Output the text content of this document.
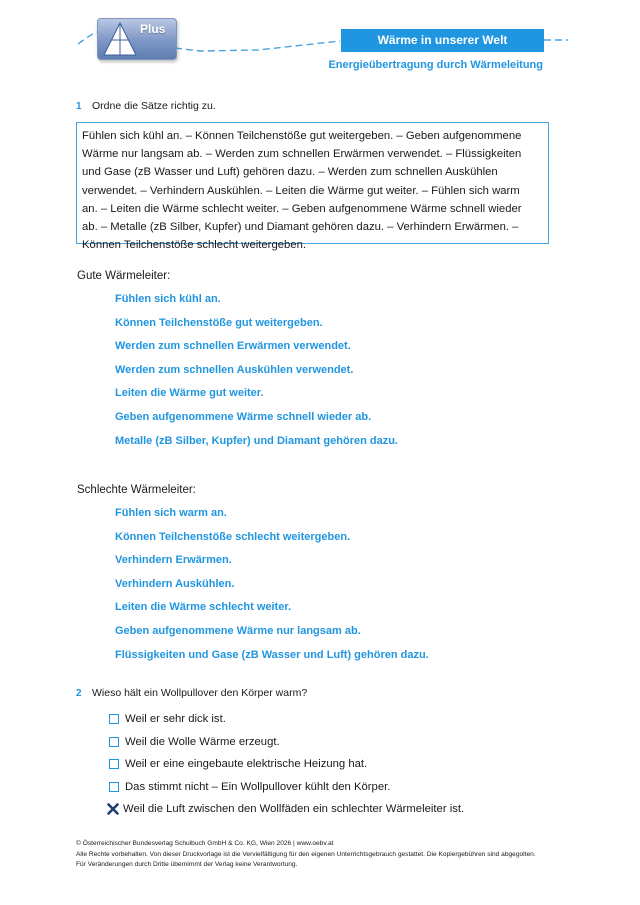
Plus
Wärme in unserer Welt
Energieübertragung durch Wärmeleitung
1 Ordne die Sätze richtig zu.
Fühlen sich kühl an. – Können Teilchenstöße gut weitergeben. – Geben aufgenommene
Wärme nur langsam ab. – Werden zum schnellen Erwärmen verwendet. – Flüssigkeiten
und Gase (zB Wasser und Luft) gehören dazu. – Werden zum schnellen Auskühlen
verwendet. – Verhindern Auskühlen. – Leiten die Wärme gut weiter. – Fühlen sich warm
an. – Leiten die Wärme schlecht weiter. – Geben aufgenommene Wärme schnell wieder
ab. – Metalle (zB Silber, Kupfer) und Diamant gehören dazu. – Verhindern Erwärmen. –
Können Teilchenstöße schlecht weitergeben.
Gute Wärmeleiter:
Fühlen sich kühl an.
Können Teilchenstöße gut weitergeben.
Werden zum schnellen Erwärmen verwendet.
Werden zum schnellen Auskühlen verwendet.
Leiten die Wärme gut weiter.
Geben aufgenommene Wärme schnell wieder ab.
Metalle (zB Silber, Kupfer) und Diamant gehören dazu.
Schlechte Wärmeleiter:
Fühlen sich warm an.
Können Teilchenstöße schlecht weitergeben.
Verhindern Erwärmen.
Verhindern Auskühlen.
Leiten die Wärme schlecht weiter.
Geben aufgenommene Wärme nur langsam ab.
Flüssigkeiten und Gase (zB Wasser und Luft) gehören dazu.
2 Wieso hält ein Wollpullover den Körper warm?
Weil er sehr dick ist.
Weil die Wolle Wärme erzeugt.
Weil er eine eingebaute elektrische Heizung hat.
Das stimmt nicht – Ein Wollpullover kühlt den Körper.
Weil die Luft zwischen den Wollfäden ein schlechter Wärmeleiter ist.
© Österreichischer Bundesverlag Schulbuch GmbH & Co. KG, Wien 2026 | www.oebv.at
Alle Rechte vorbehalten. Von dieser Druckvorlage ist die Vervielfältigung für den eigenen Unterrichtsgebrauch gestattet. Die Kopiergebühren sind abgegolten.
Für Veränderungen durch Dritte übernimmt der Verlag keine Verantwortung.
